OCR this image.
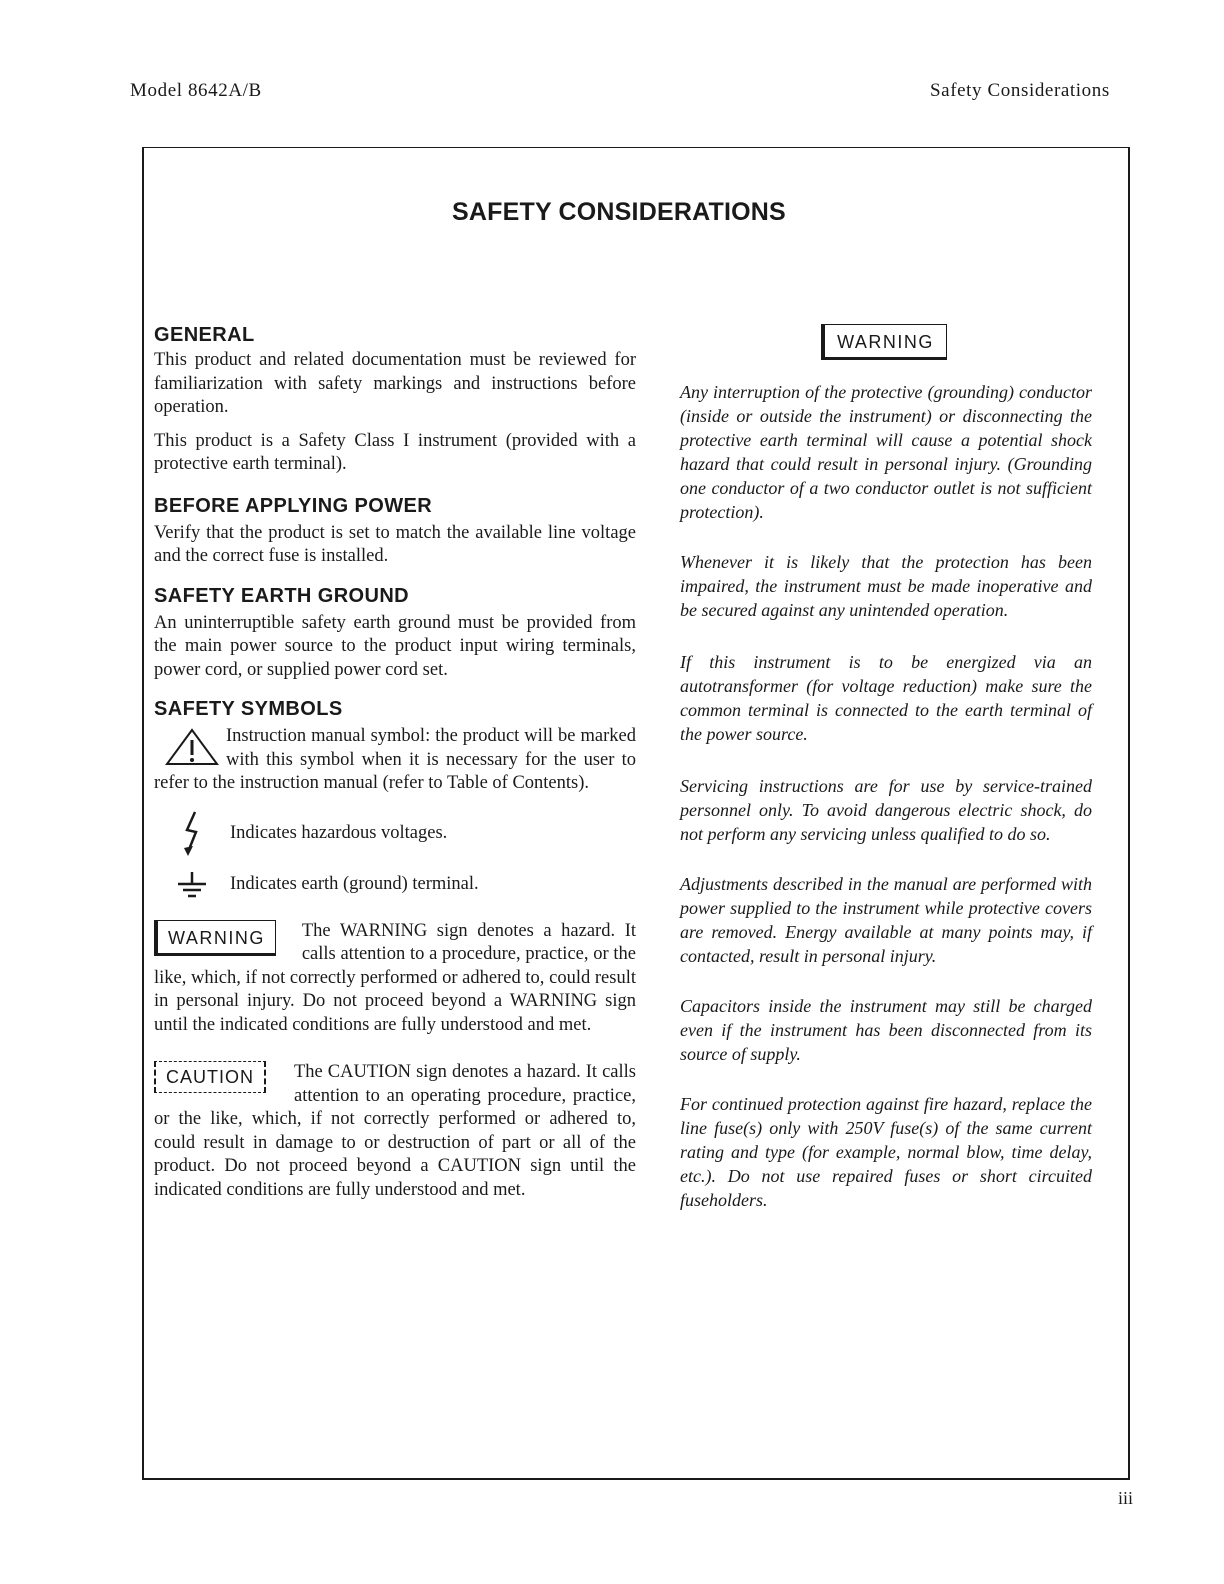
Model 8642A/B	Safety Considerations
SAFETY CONSIDERATIONS
GENERAL

This product and related documentation must be reviewed for familiarization with safety markings and instructions before operation.

This product is a Safety Class I instrument (provided with a protective earth terminal).

BEFORE APPLYING POWER

Verify that the product is set to match the available line voltage and the correct fuse is installed.

SAFETY EARTH GROUND

An uninterruptible safety earth ground must be provided from the main power source to the product input wiring terminals, power cord, or supplied power cord set.

SAFETY SYMBOLS

Instruction manual symbol: the product will be marked with this symbol when it is necessary for the user to refer to the instruction manual (refer to Table of Contents).

Indicates hazardous voltages.
Indicates earth (ground) terminal.
WARNING	The WARNING sign denotes a hazard. It calls attention to a procedure, practice, or the like, which, if not correctly performed or adhered to, could result in personal injury. Do not proceed beyond a WARNING sign until the indicated conditions are fully understood and met.

CAUTION	The CAUTION sign denotes a hazard. It calls attention to an operating procedure, practice, or the like, which, if not correctly performed or adhered to, could result in damage to or destruction of part or all of the product. Do not proceed beyond a CAUTION sign until the indicated conditions are fully understood and met.

WARNING

Any interruption of the protective (grounding) conductor (inside or outside the instrument) or disconnecting the protective earth terminal will cause a potential shock hazard that could result in personal injury. (Grounding one conductor of a two conductor outlet is not sufficient protection).

Whenever it is likely that the protection has been impaired, the instrument must be made inoperative and be secured against any unintended operation.

If this instrument is to be energized via an autotransformer (for voltage reduction) make sure the common terminal is connected to the earth terminal of the power source.

Servicing instructions are for use by service-trained personnel only. To avoid dangerous electric shock, do not perform any servicing unless qualified to do so.

Adjustments described in the manual are performed with power supplied to the instrument while protective covers are removed. Energy available at many points may, if contacted, result in personal injury.

Capacitors inside the instrument may still be charged even if the instrument has been disconnected from its source of supply.

For continued protection against fire hazard, replace the line fuse(s) only with 250V fuse(s) of the same current rating and type (for example, normal blow, time delay, etc.). Do not use repaired fuses or short circuited fuseholders.

iii
